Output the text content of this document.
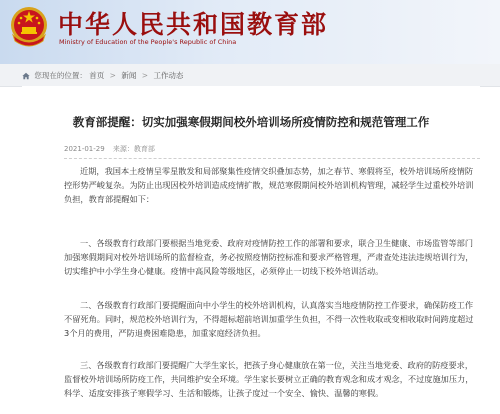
中华人民共和国教育部
Ministry of Education of the People's Republic of China
您现在的位置： 首页 > 新闻 > 工作动态
教育部提醒：切实加强寒假期间校外培训场所疫情防控和规范管理工作
2021-01-29 来源：教育部
近期，我国本土疫情呈零星散发和局部聚集性疫情交织叠加态势，加之春节、寒假将至，校外培训场所疫情防
控形势严峻复杂。为防止出现因校外培训造成疫情扩散，规范寒假期间校外培训机构管理，减轻学生过重校外培训
负担，教育部提醒如下：
一、各级教育行政部门要根据当地党委、政府对疫情防控工作的部署和要求，联合卫生健康、市场监管等部门
加强寒假期间对校外培训场所的监督检查，务必按照疫情防控标准和要求严格管理，严肃查处违法违规培训行为，
切实维护中小学生身心健康。疫情中高风险等级地区，必须停止一切线下校外培训活动。
二、各级教育行政部门要提醒面向中小学生的校外培训机构，认真落实当地疫情防控工作要求，确保防疫工作
不留死角。同时，规范校外培训行为，不得超标超前培训加重学生负担，不得一次性收取或变相收取时间跨度超过
3个月的费用，严防退费困难隐患，加重家庭经济负担。
三、各级教育行政部门要提醒广大学生家长，把孩子身心健康放在第一位，关注当地党委、政府的防疫要求，
监督校外培训场所防疫工作，共同维护安全环境。学生家长要树立正确的教育观念和成才观念，不过度施加压力，
科学、适度安排孩子寒假学习、生活和锻炼，让孩子度过一个安全、愉快、温馨的寒假。
